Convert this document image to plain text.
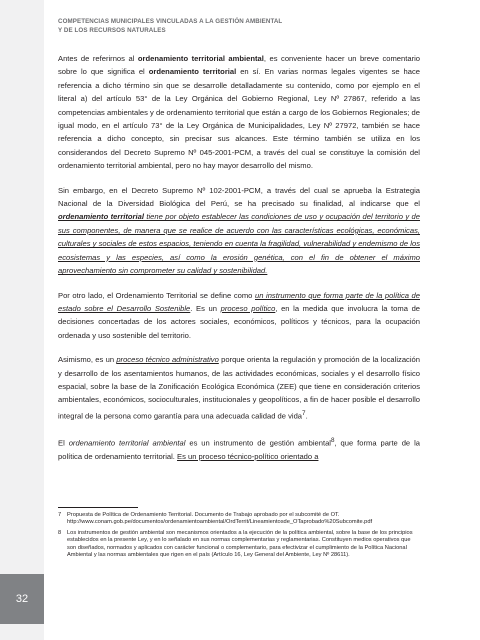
32
COMPETENCIAS MUNICIPALES VINCULADAS A LA GESTIÓN AMBIENTAL
Y DE LOS RECURSOS NATURALES

Antes de referirnos al ordenamiento territorial ambiental, es conveniente hacer un breve comentario sobre lo que significa el ordenamiento territorial en sí. En varias normas legales vigentes se hace referencia a dicho término sin que se desarrolle detalladamente su contenido, como por ejemplo en el literal a) del artículo 53° de la Ley Orgánica del Gobierno Regional, Ley Nº 27867, referido a las competencias ambientales y de ordenamiento territorial que están a cargo de los Gobiernos Regionales; de igual modo, en el artículo 73° de la Ley Orgánica de Municipalidades, Ley Nº 27972, también se hace referencia a dicho concepto, sin precisar sus alcances. Este término también se utiliza en los considerandos del Decreto Supremo Nº 045-2001-PCM, a través del cual se constituye la comisión del ordenamiento territorial ambiental, pero no hay mayor desarrollo del mismo.

Sin embargo, en el Decreto Supremo Nº 102-2001-PCM, a través del cual se aprueba la Estrategia Nacional de la Diversidad Biológica del Perú, se ha precisado su finalidad, al indicarse que el ordenamiento territorial tiene por objeto establecer las condiciones de uso y ocupación del territorio y de sus componentes, de manera que se realice de acuerdo con las características ecológicas, económicas, culturales y sociales de estos espacios, teniendo en cuenta la fragilidad, vulnerabilidad y endemismo de los ecosistemas y las especies, así como la erosión genética, con el fin de obtener el máximo aprovechamiento sin comprometer su calidad y sostenibilidad.

Por otro lado, el Ordenamiento Territorial se define como un instrumento que forma parte de la política de estado sobre el Desarrollo Sostenible. Es un proceso político, en la medida que involucra la toma de decisiones concertadas de los actores sociales, económicos, políticos y técnicos, para la ocupación ordenada y uso sostenible del territorio.

Asimismo, es un proceso técnico administrativo porque orienta la regulación y promoción de la localización y desarrollo de los asentamientos humanos, de las actividades económicas, sociales y el desarrollo físico espacial, sobre la base de la Zonificación Ecológica Económica (ZEE) que tiene en consideración criterios ambientales, económicos, socioculturales, institucionales y geopolíticos, a fin de hacer posible el desarrollo integral de la persona como garantía para una adecuada calidad de vida$^7$.

El ordenamiento territorial ambiental es un instrumento de gestión ambiental$^8$, que forma parte de la política de ordenamiento territorial. Es un proceso técnico-político orientado a

7	Propuesta de Política de Ordenamiento Territorial. Documento de Trabajo aprobado por el subcomité de OT. http://www.conam.gob.pe/documentos/ordenamientoambiental/OrdTerrit/Lineamientosde_OTaprobado%20Subcomite.pdf
8	Los instrumentos de gestión ambiental son mecanismos orientados a la ejecución de la política ambiental, sobre la base de los principios establecidos en la presente Ley, y en lo señalado en sus normas complementarias y reglamentarias. Constituyen medios operativos que son diseñados, normados y aplicados con carácter funcional o complementario, para efectivizar el cumplimiento de la Política Nacional Ambiental y las normas ambientales que rigen en el país (Artículo 16, Ley General del Ambiente, Ley Nº 28611).
